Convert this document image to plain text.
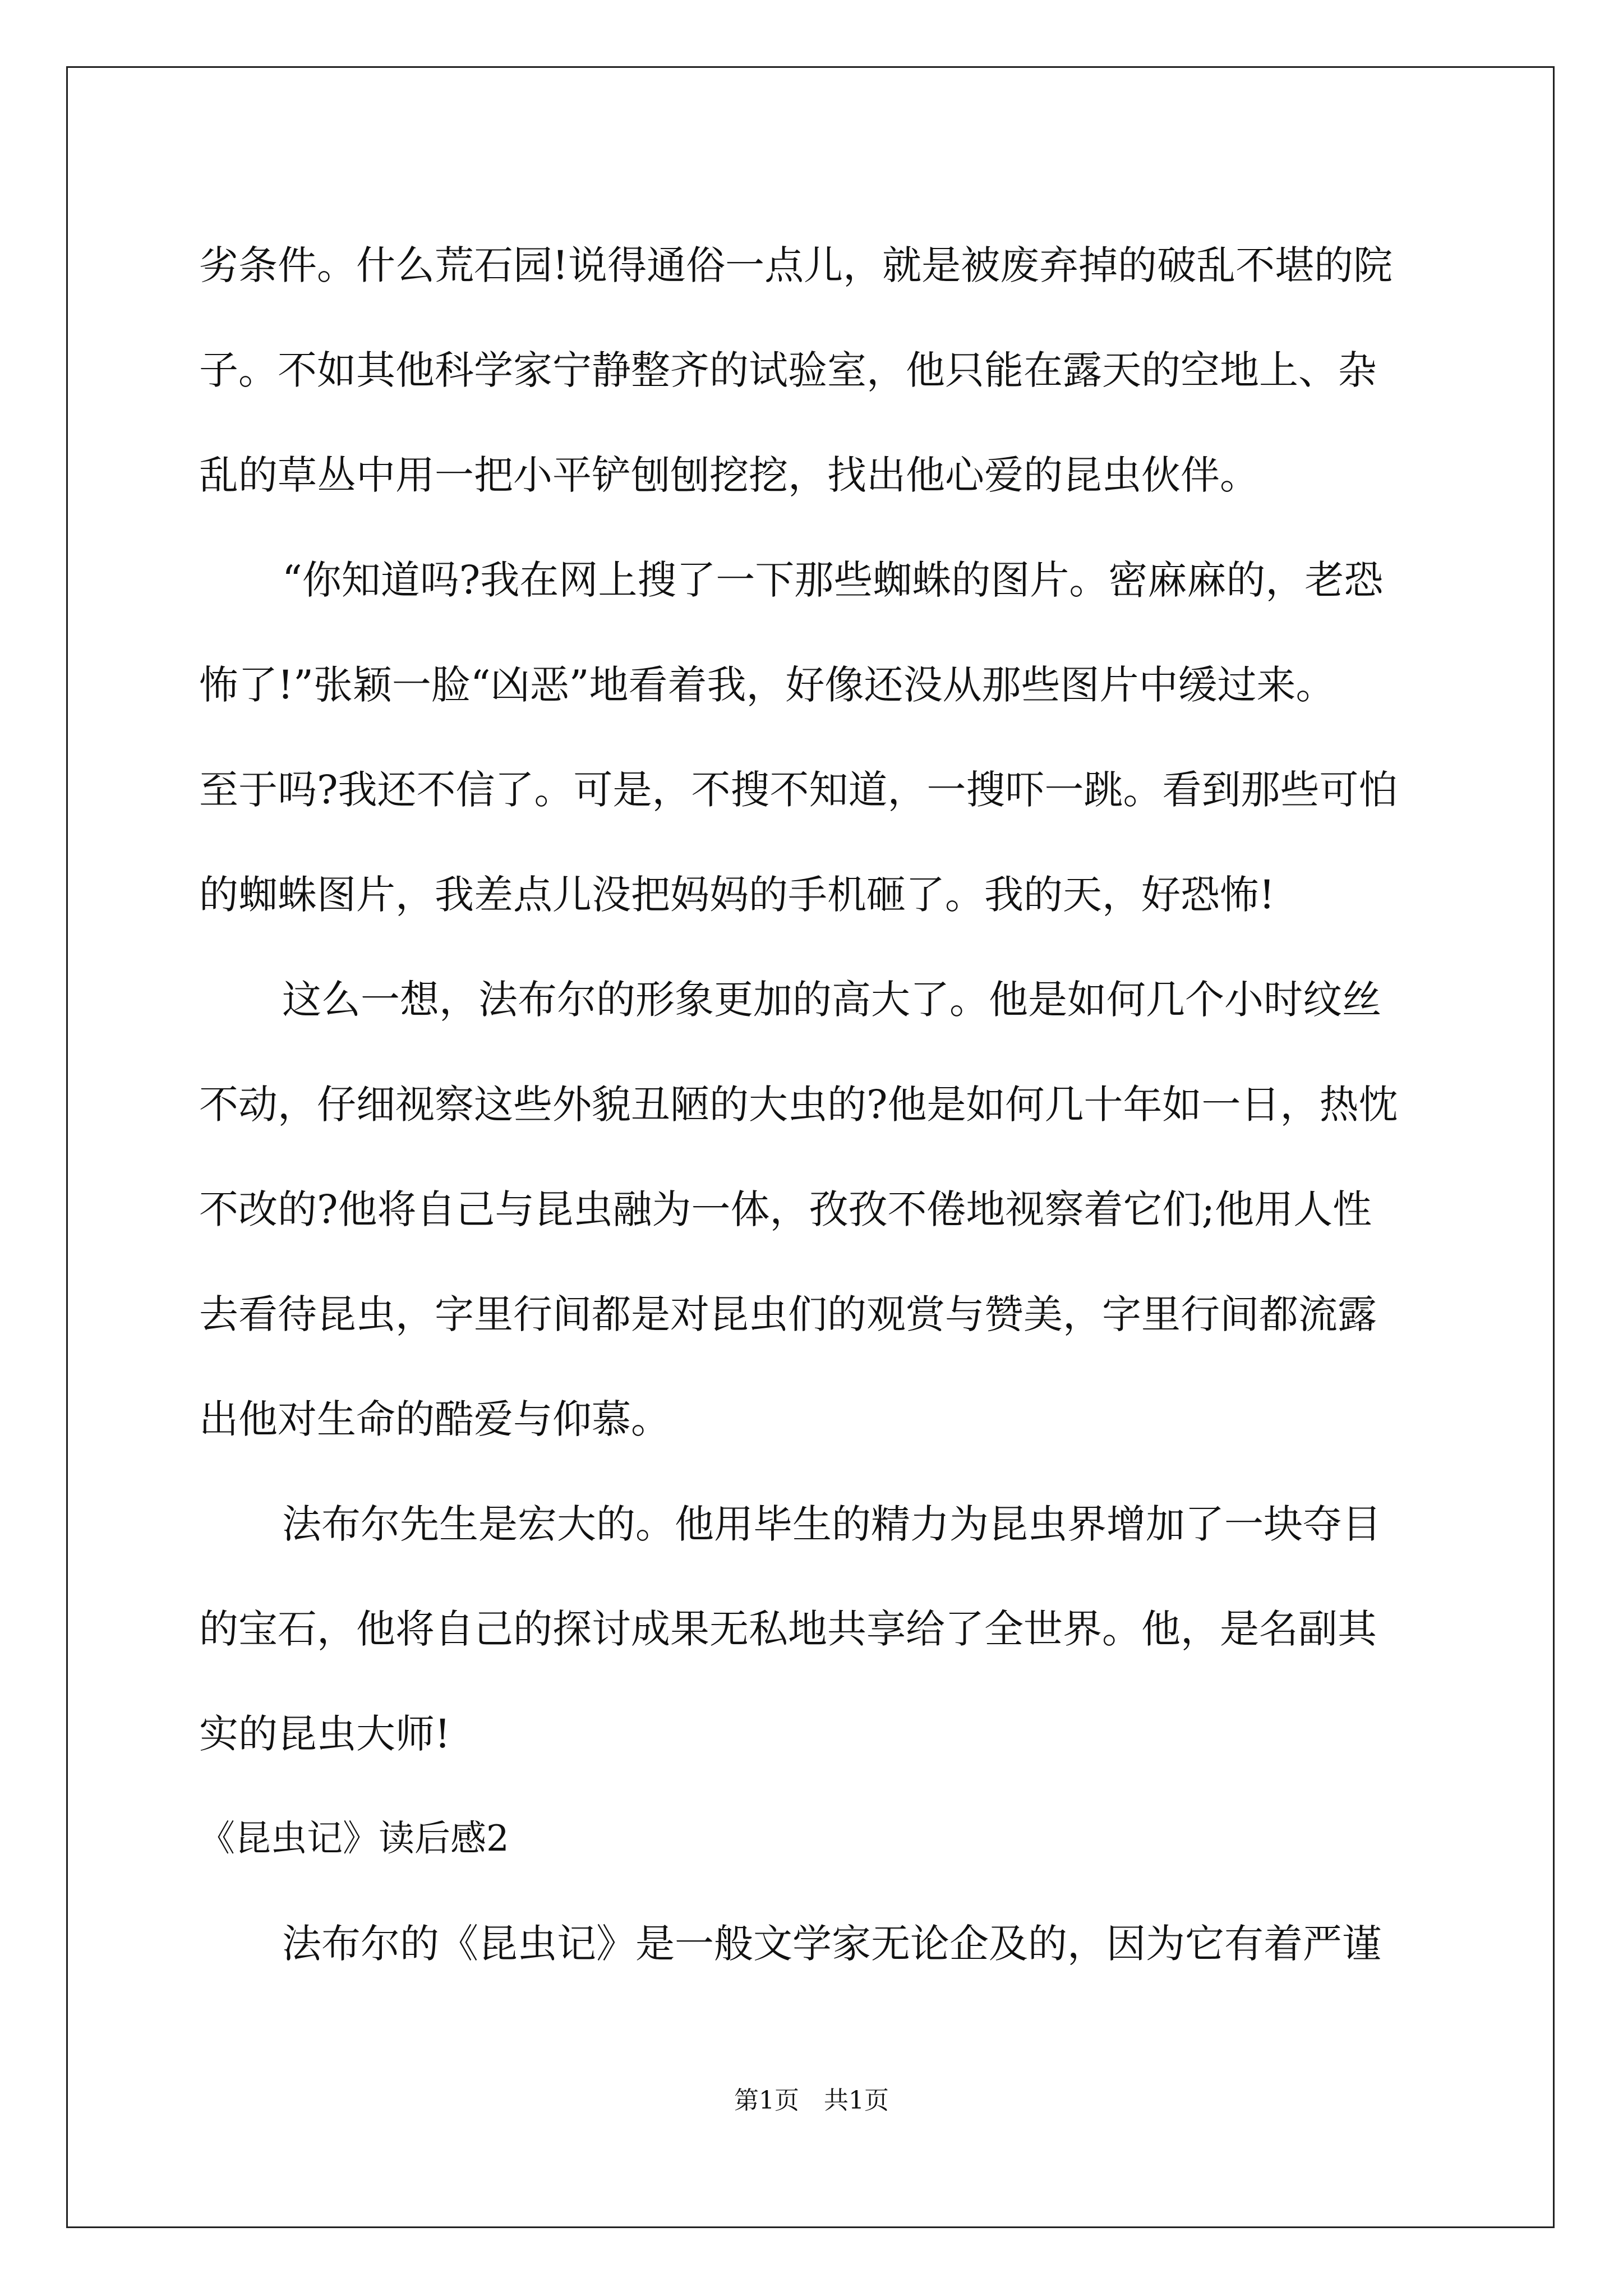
劣条件。什么荒石园!说得通俗一点儿，就是被废弃掉的破乱不堪的院
子。不如其他科学家宁静整齐的试验室，他只能在露天的空地上、杂
乱的草丛中用一把小平铲刨刨挖挖，找出他心爱的昆虫伙伴。
“你知道吗?我在网上搜了一下那些蜘蛛的图片。密麻麻的，老恐
怖了!”张颖一脸“凶恶”地看着我，好像还没从那些图片中缓过来。
至于吗?我还不信了。可是，不搜不知道，一搜吓一跳。看到那些可怕
的蜘蛛图片，我差点儿没把妈妈的手机砸了。我的天，好恐怖!
这么一想，法布尔的形象更加的高大了。他是如何几个小时纹丝
不动，仔细视察这些外貌丑陋的大虫的?他是如何几十年如一日，热忱
不改的?他将自己与昆虫融为一体，孜孜不倦地视察着它们;他用人性
去看待昆虫，字里行间都是对昆虫们的观赏与赞美，字里行间都流露
出他对生命的酷爱与仰慕。
法布尔先生是宏大的。他用毕生的精力为昆虫界增加了一块夺目
的宝石，他将自己的探讨成果无私地共享给了全世界。他，是名副其
实的昆虫大师!
《昆虫记》读后感2
法布尔的《昆虫记》是一般文学家无论企及的，因为它有着严谨
第1页　共1页
